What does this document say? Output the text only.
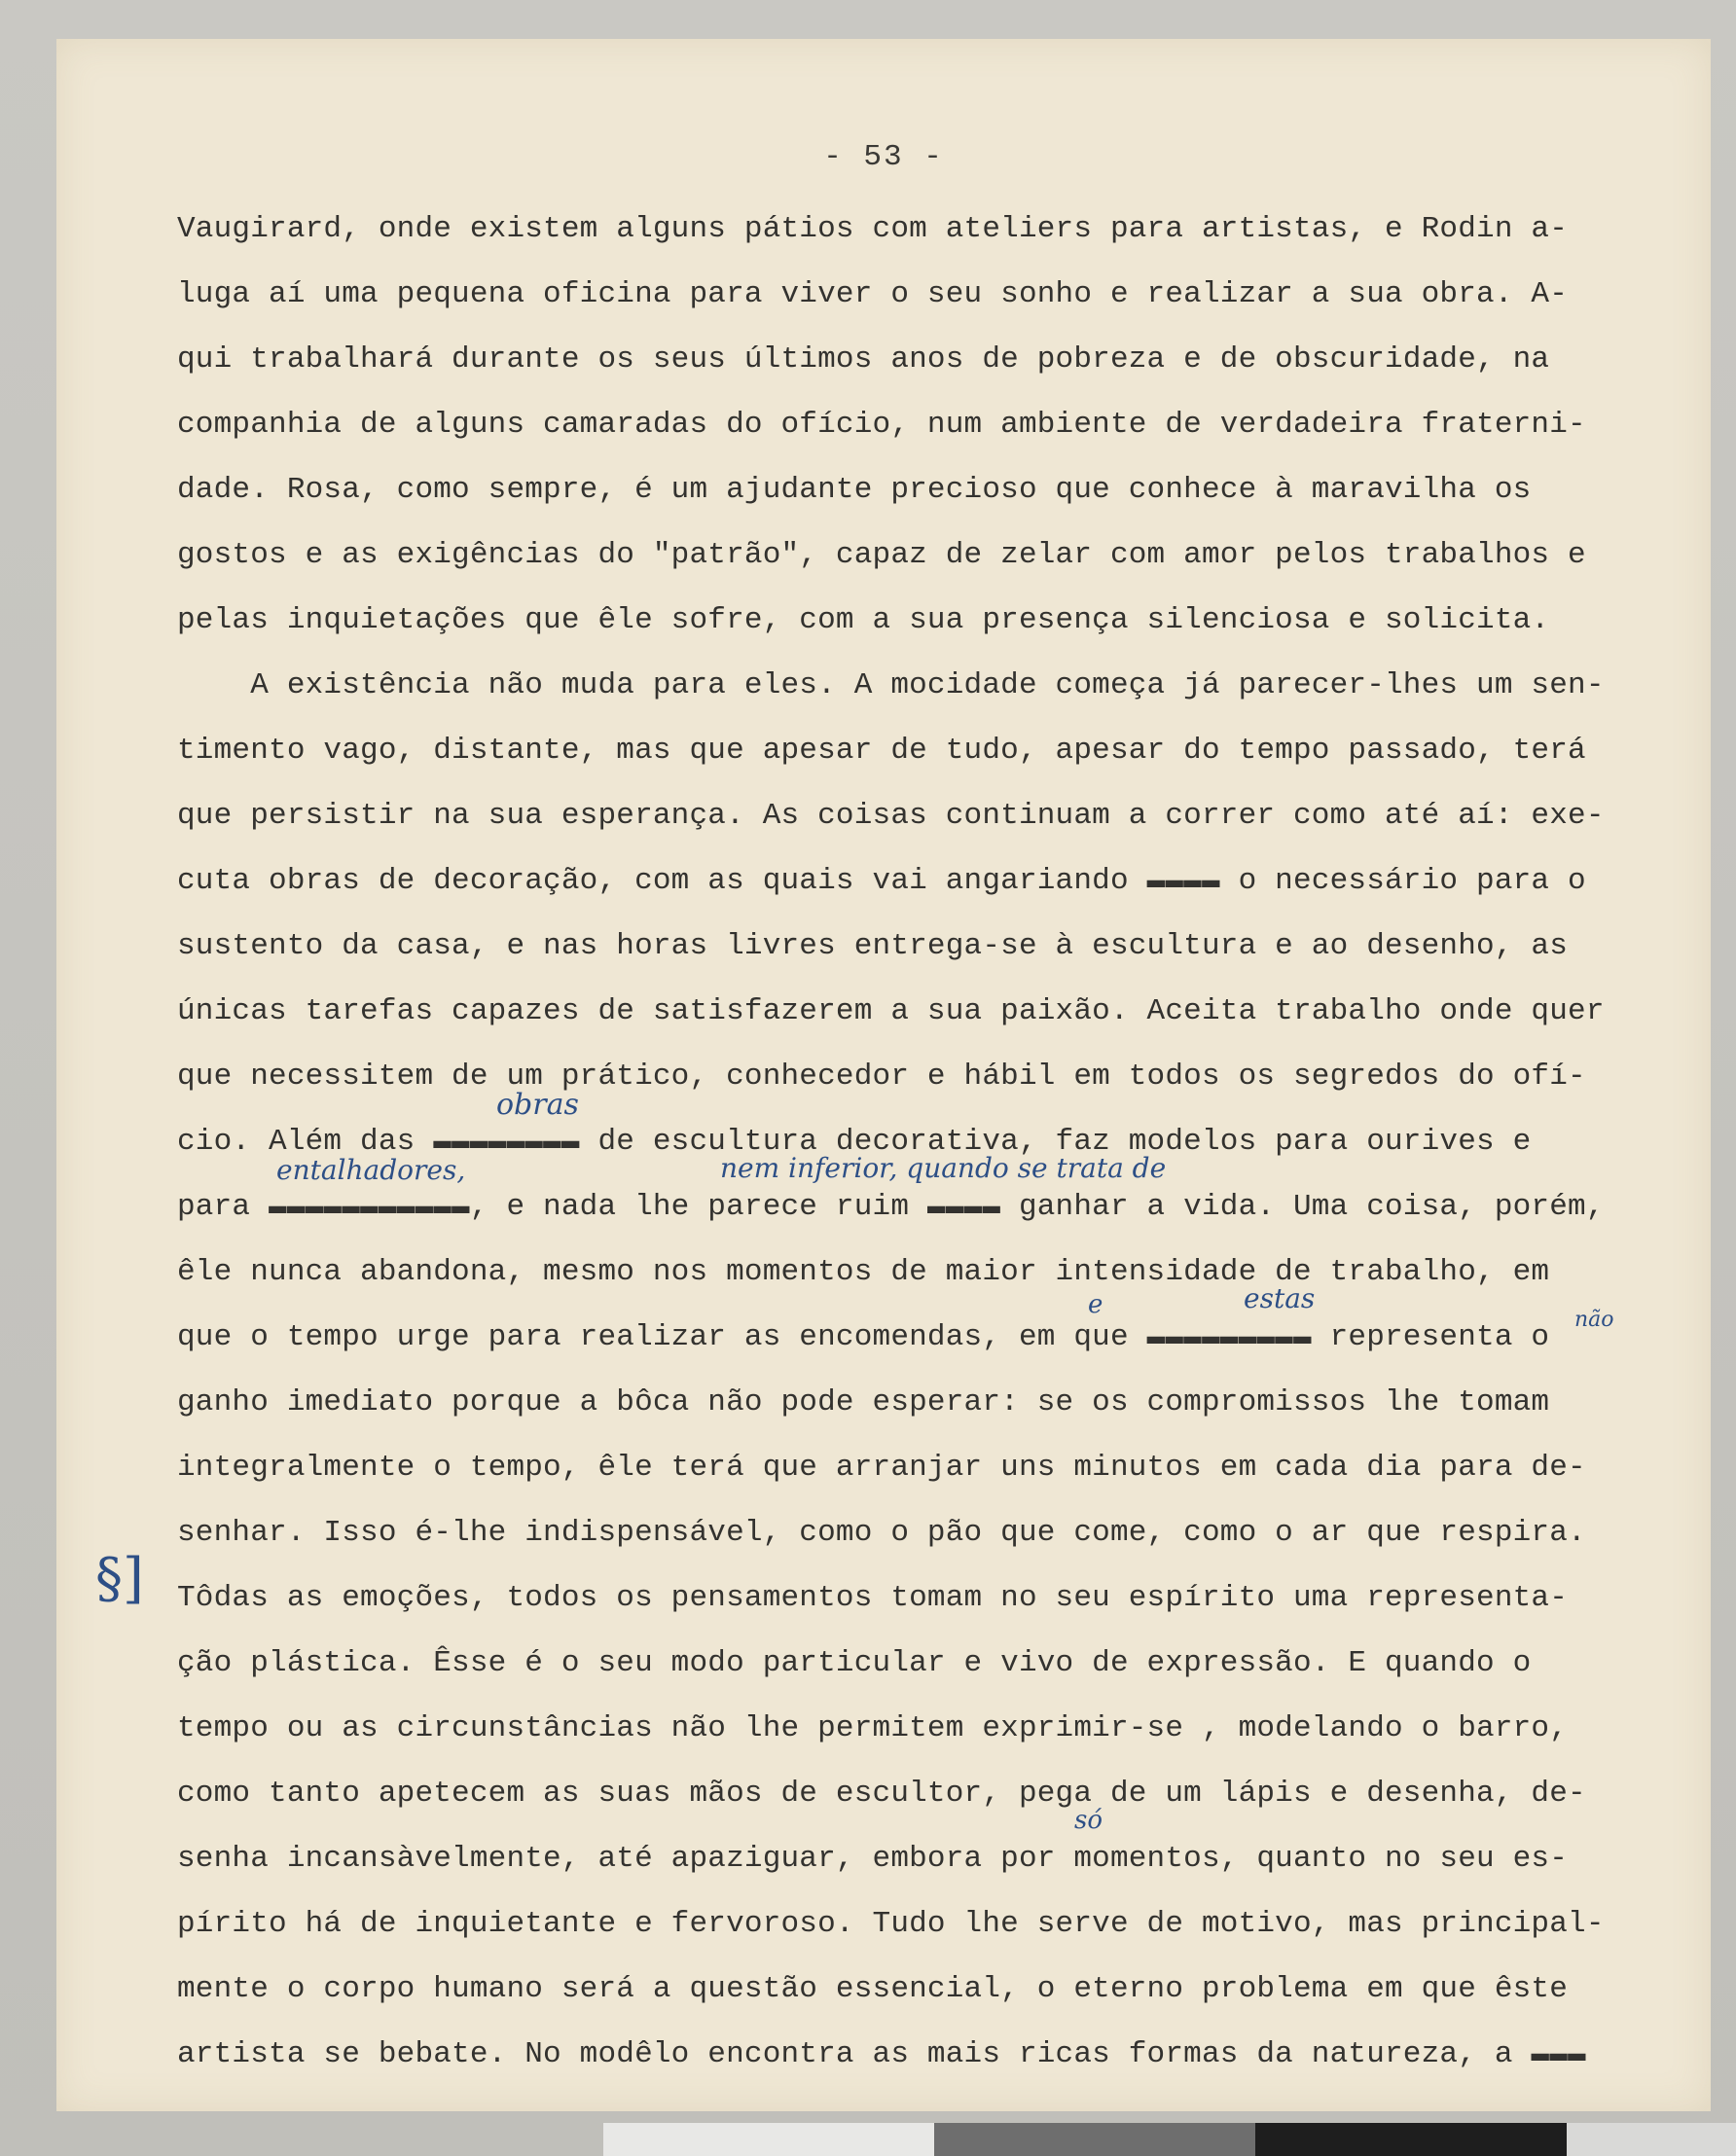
- 53 -
Vaugirard, onde existem alguns pátios com ateliers para artistas, e Rodin a-
luga aí uma pequena oficina para viver o seu sonho e realizar a sua obra. A-
qui trabalhará durante os seus últimos anos de pobreza e de obscuridade, na
companhia de alguns camaradas do ofício, num ambiente de verdadeira fraterni-
dade. Rosa, como sempre, é um ajudante precioso que conhece à maravilha os
gostos e as exigências do "patrão", capaz de zelar com amor pelos trabalhos e
pelas inquietações que êle sofre, com a sua presença silenciosa e solicita.
A existência não muda para eles. A mocidade começa já parecer-lhes um sen-
timento vago, distante, mas que apesar de tudo, apesar do tempo passado, terá
que persistir na sua esperança. As coisas continuam a correr como até aí: exe-
cuta obras de decoração, com as quais vai angariando ▬▬▬▬ o necessário para o
sustento da casa, e nas horas livres entrega-se à escultura e ao desenho, as
únicas tarefas capazes de satisfazerem a sua paixão. Aceita trabalho onde quer
que necessitem de um prático, conhecedor e hábil em todos os segredos do ofí-
cio. Além das ▬▬▬▬▬▬▬▬ de escultura decorativa, faz modelos para ourives e
para ▬▬▬▬▬▬▬▬▬▬▬, e nada lhe parece ruim ▬▬▬▬ ganhar a vida. Uma coisa, porém,
êle nunca abandona, mesmo nos momentos de maior intensidade de trabalho, em
que o tempo urge para realizar as encomendas, em que ▬▬▬▬▬▬▬▬▬ representa o
ganho imediato porque a bôca não pode esperar: se os compromissos lhe tomam
integralmente o tempo, êle terá que arranjar uns minutos em cada dia para de-
senhar. Isso é-lhe indispensável, como o pão que come, como o ar que respira.
Tôdas as emoções, todos os pensamentos tomam no seu espírito uma representa-
ção plástica. Êsse é o seu modo particular e vivo de expressão. E quando o
tempo ou as circunstâncias não lhe permitem exprimir-se , modelando o barro,
como tanto apetecem as suas mãos de escultor, pega de um lápis e desenha, de-
senha incansàvelmente, até apaziguar, embora por momentos, quanto no seu es-
pírito há de inquietante e fervoroso. Tudo lhe serve de motivo, mas principal-
mente o corpo humano será a questão essencial, o eterno problema em que êste
artista se bebate. No modêlo encontra as mais ricas formas da natureza, a ▬▬▬
obras
entalhadores,	nem inferior, quando se trata de
estas
e
não
só
§]
